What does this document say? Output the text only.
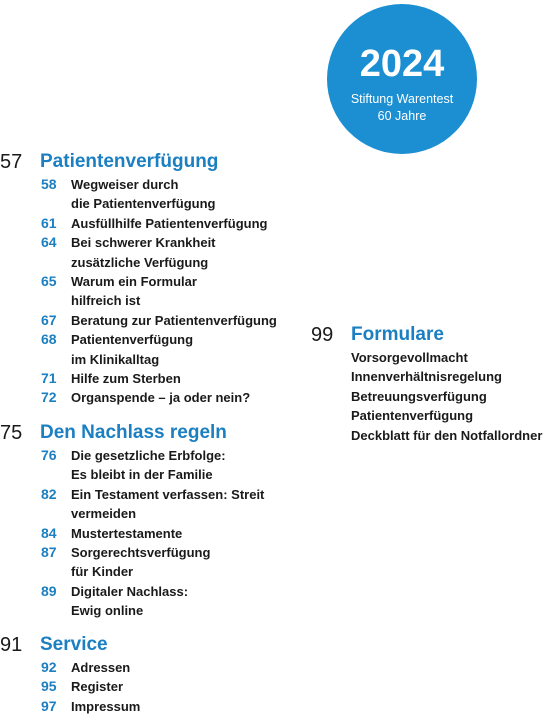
2024
Stiftung Warentest
60 Jahre
57 Patientenverfügung
58	Wegweiser durch
die Patientenverfügung
61	Ausfüllhilfe Patientenverfügung
64	Bei schwerer Krankheit
zusätzliche Verfügung
65	Warum ein Formular
hilfreich ist
67	Beratung zur Patientenverfügung
68	Patientenverfügung
im Klinikalltag
71	Hilfe zum Sterben
72	Organspende – ja oder nein?
75 Den Nachlass regeln
76	Die gesetzliche Erbfolge:
Es bleibt in der Familie
82	Ein Testament verfassen: Streit
vermeiden
84	Mustertestamente
87	Sorgerechtsverfügung
für Kinder
89	Digitaler Nachlass:
Ewig online
91 Service
92	Adressen
95	Register
97	Impressum
99 Formulare
Vorsorgevollmacht
Innenverhältnisregelung
Betreuungsverfügung
Patientenverfügung
Deckblatt für den Notfallordner
